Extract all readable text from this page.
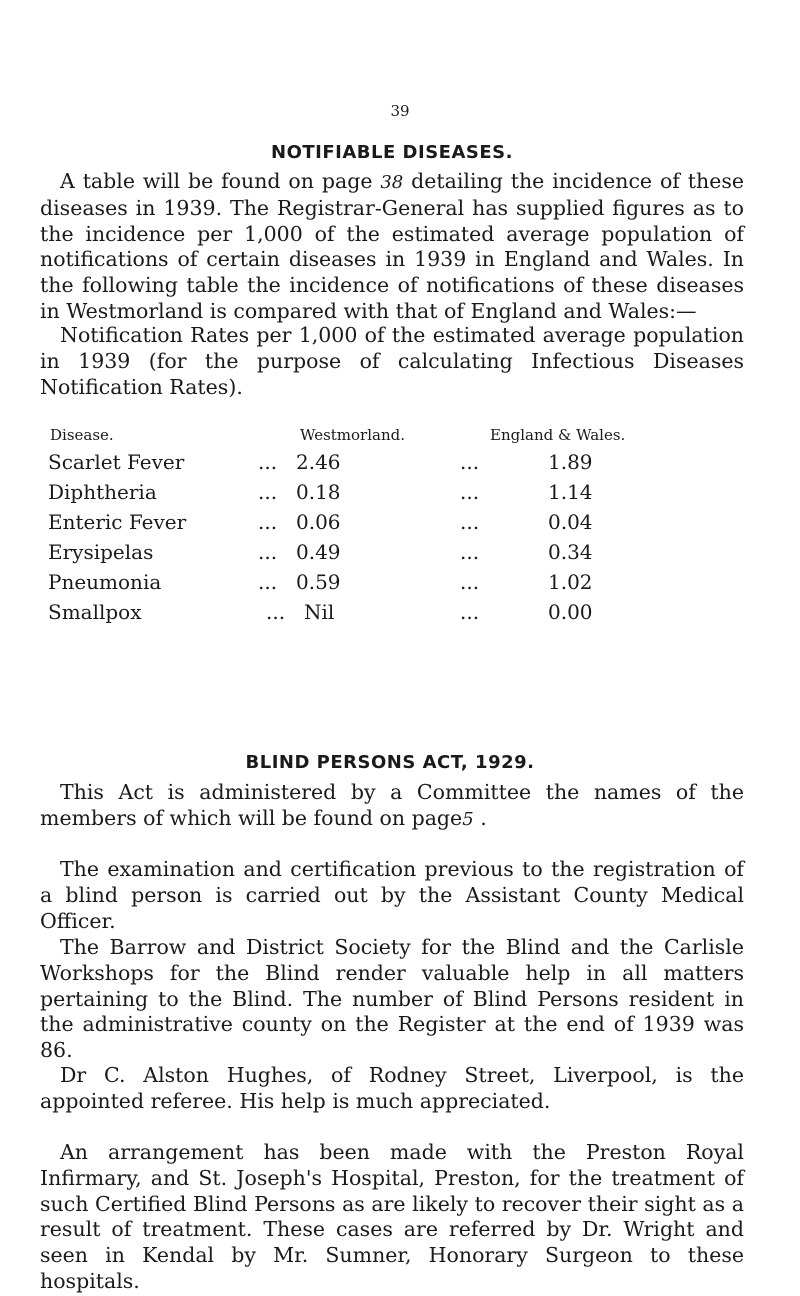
39
NOTIFIABLE DISEASES.

A table will be found on page 38 detailing the incidence of these diseases in 1939. The Registrar-General has supplied figures as to the incidence per 1,000 of the estimated average population of notifications of certain diseases in 1939 in England and Wales. In the following table the incidence of notifications of these diseases in Westmorland is compared with that of England and Wales:—

Notification Rates per 1,000 of the estimated average population in 1939 (for the purpose of calculating Infectious Diseases Notification Rates).

Disease.	Westmorland.	England & Wales.
Scarlet Fever	... 2.46	...	1.89
Diphtheria	... 0.18	...	1.14
Enteric Fever	... 0.06	...	0.04
Erysipelas	... 0.49	...	0.34
Pneumonia	... 0.59	...	1.02
Smallpox	... Nil	...	0.00
BLIND PERSONS ACT, 1929.

This Act is administered by a Committee the names of the members of which will be found on page5 .

The examination and certification previous to the registration of a blind person is carried out by the Assistant County Medical Officer.

The Barrow and District Society for the Blind and the Carlisle Workshops for the Blind render valuable help in all matters pertaining to the Blind. The number of Blind Persons resident in the administrative county on the Register at the end of 1939 was 86.

Dr C. Alston Hughes, of Rodney Street, Liverpool, is the appointed referee. His help is much appreciated.

An arrangement has been made with the Preston Royal Infirmary, and St. Joseph's Hospital, Preston, for the treatment of such Certified Blind Persons as are likely to recover their sight as a result of treatment. These cases are referred by Dr. Wright and seen in Kendal by Mr. Sumner, Honorary Surgeon to these hospitals.
